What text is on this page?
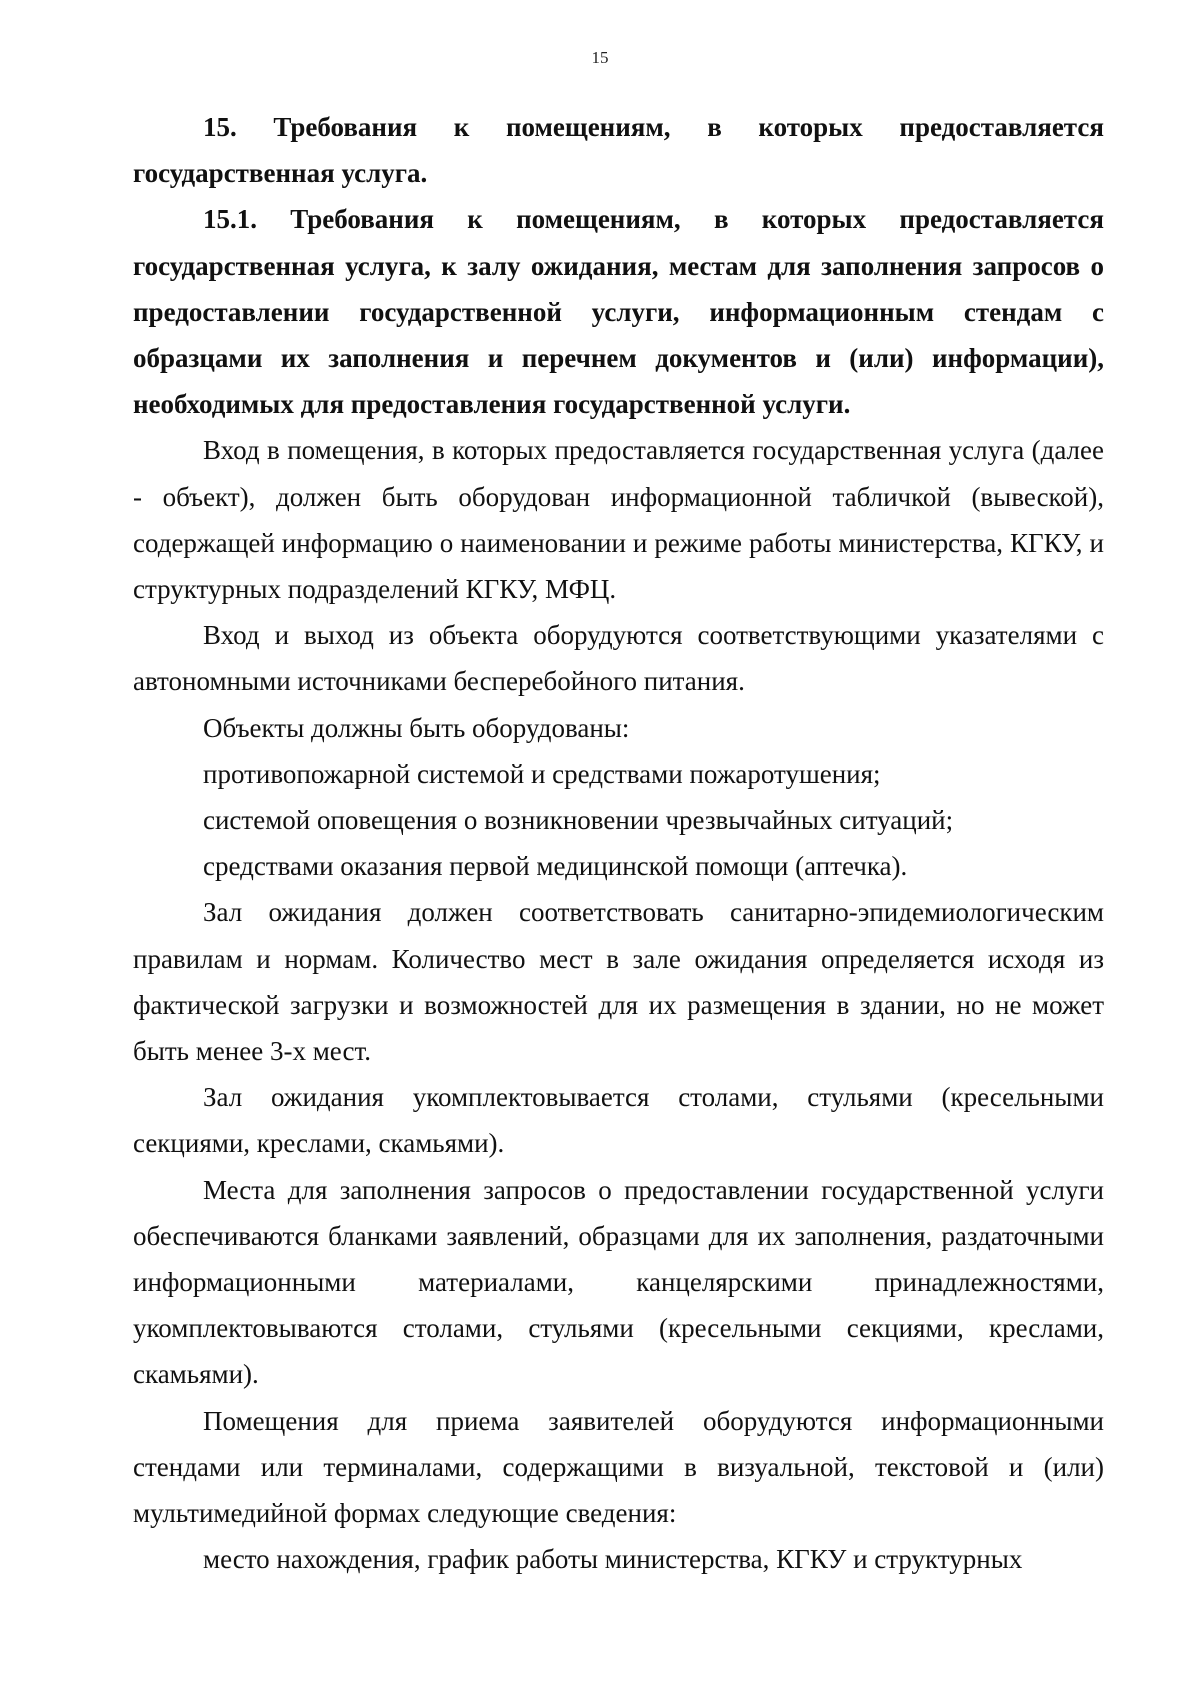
15

15. Требования к помещениям, в которых предоставляется государственная услуга.

15.1. Требования к помещениям, в которых предоставляется государственная услуга, к залу ожидания, местам для заполнения запросов о предоставлении государственной услуги, информационным стендам с образцами их заполнения и перечнем документов и (или) информации), необходимых для предоставления государственной услуги.

Вход в помещения, в которых предоставляется государственная услуга (далее - объект), должен быть оборудован информационной табличкой (вывеской), содержащей информацию о наименовании и режиме работы министерства, КГКУ, и структурных подразделений КГКУ, МФЦ.

Вход и выход из объекта оборудуются соответствующими указателями с автономными источниками бесперебойного питания.

Объекты должны быть оборудованы:

противопожарной системой и средствами пожаротушения;

системой оповещения о возникновении чрезвычайных ситуаций;

средствами оказания первой медицинской помощи (аптечка).

Зал ожидания должен соответствовать санитарно-эпидемиологическим правилам и нормам. Количество мест в зале ожидания определяется исходя из фактической загрузки и возможностей для их размещения в здании, но не может быть менее 3-х мест.

Зал ожидания укомплектовывается столами, стульями (кресельными секциями, креслами, скамьями).

Места для заполнения запросов о предоставлении государственной услуги обеспечиваются бланками заявлений, образцами для их заполнения, раздаточными информационными материалами, канцелярскими принадлежностями, укомплектовываются столами, стульями (кресельными секциями, креслами, скамьями).

Помещения для приема заявителей оборудуются информационными стендами или терминалами, содержащими в визуальной, текстовой и (или) мультимедийной формах следующие сведения:

место нахождения, график работы министерства, КГКУ и структурных
